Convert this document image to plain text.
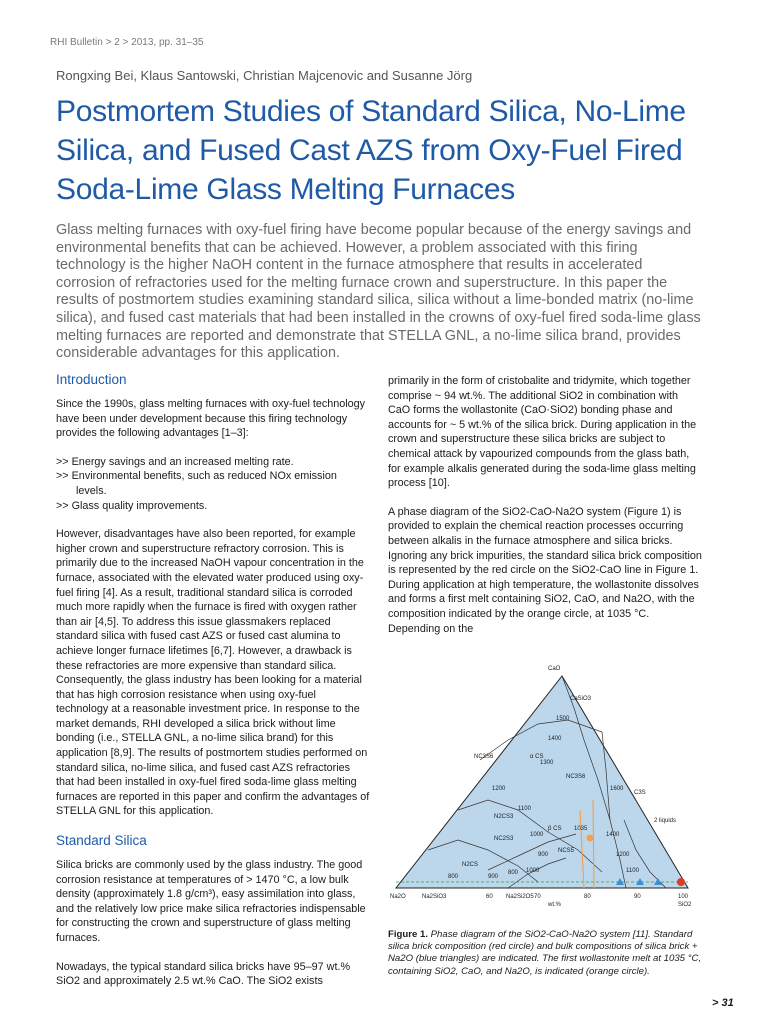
RHI Bulletin > 2 > 2013, pp. 31–35
Rongxing Bei, Klaus Santowski, Christian Majcenovic and Susanne Jörg
Postmortem Studies of Standard Silica, No-Lime Silica, and Fused Cast AZS from Oxy-Fuel Fired Soda-Lime Glass Melting Furnaces

Glass melting furnaces with oxy-fuel firing have become popular because of the energy savings and environmental benefits that can be achieved. However, a problem associated with this firing technology is the higher NaOH content in the furnace atmosphere that results in accelerated corrosion of refractories used for the melting furnace crown and superstructure. In this paper the results of postmortem studies examining standard silica, silica without a lime-bonded matrix (no-lime silica), and fused cast materials that had been installed in the crowns of oxy-fuel fired soda-lime glass melting furnaces are reported and demonstrate that STELLA GNL, a no-lime silica brand, provides considerable advantages for this application.

Introduction

Since the 1990s, glass melting furnaces with oxy-fuel technology have been under development because this firing technology provides the following advantages [1–3]:

>> Energy savings and an increased melting rate.
>> Environmental benefits, such as reduced NOx emission levels.
>> Glass quality improvements.

However, disadvantages have also been reported, for example higher crown and superstructure refractory corrosion. This is primarily due to the increased NaOH vapour concentration in the furnace, associated with the elevated water produced using oxy-fuel firing [4]. As a result, traditional standard silica is corroded much more rapidly when the furnace is fired with oxygen rather than air [4,5]. To address this issue glassmakers replaced standard silica with fused cast AZS or fused cast alumina to achieve longer furnace lifetimes [6,7]. However, a drawback is these refractories are more expensive than standard silica. Consequently, the glass industry has been looking for a material that has high corrosion resistance when using oxy-fuel technology at a reasonable investment price. In response to the market demands, RHI developed a silica brick without lime bonding (i.e., STELLA GNL, a no-lime silica brand) for this application [8,9]. The results of postmortem studies performed on standard silica, no-lime silica, and fused cast AZS refractories that had been installed in oxy-fuel fired soda-lime glass melting furnaces are reported in this paper and confirm the advantages of STELLA GNL for this application.

Standard Silica

Silica bricks are commonly used by the glass industry. The good corrosion resistance at temperatures of > 1470 °C, a low bulk density (approximately 1.8 g/cm³), easy assimilation into glass, and the relatively low price make silica refractories indispensable for constructing the crown and superstructure of glass melting furnaces.

Nowadays, the typical standard silica bricks have 95–97 wt.% SiO2 and approximately 2.5 wt.% CaO. The SiO2 exists

primarily in the form of cristobalite and tridymite, which together comprise ~ 94 wt.%. The additional SiO2 in combination with CaO forms the wollastonite (CaO·SiO2) bonding phase and accounts for ~ 5 wt.% of the silica brick. During application in the crown and superstructure these silica bricks are subject to chemical attack by vapourized compounds from the glass bath, for example alkalis generated during the soda-lime glass melting process [10].

A phase diagram of the SiO2-CaO-Na2O system (Figure 1) is provided to explain the chemical reaction processes occurring between alkalis in the furnace atmosphere and silica bricks. Ignoring any brick impurities, the standard silica brick composition is represented by the red circle on the SiO2-CaO line in Figure 1. During application at high temperature, the wollastonite dissolves and forms a first melt containing SiO2, CaO, and Na2O, with the composition indicated by the orange circle, at 1035 °C. Depending on the

CaO
CaSiO3
NC3S6	α CS
NC3S6
N2CS3
NC2S3
β CS
NCS5
N2CS
C3S
2 liquids
1500
1400
1300
1200
1100
1000
900
800
1600
1400
1200
1100
1035
1000
900
800
Na2O	Na2SiO3	60 Na2Si2O5 70	80	90	100
wt.%	SiO2
Figure 1. Phase diagram of the SiO2-CaO-Na2O system [11]. Standard silica brick composition (red circle) and bulk compositions of silica brick + Na2O (blue triangles) are indicated. The first wollastonite melt at 1035 °C, containing SiO2, CaO, and Na2O, is indicated (orange circle).
> 31
